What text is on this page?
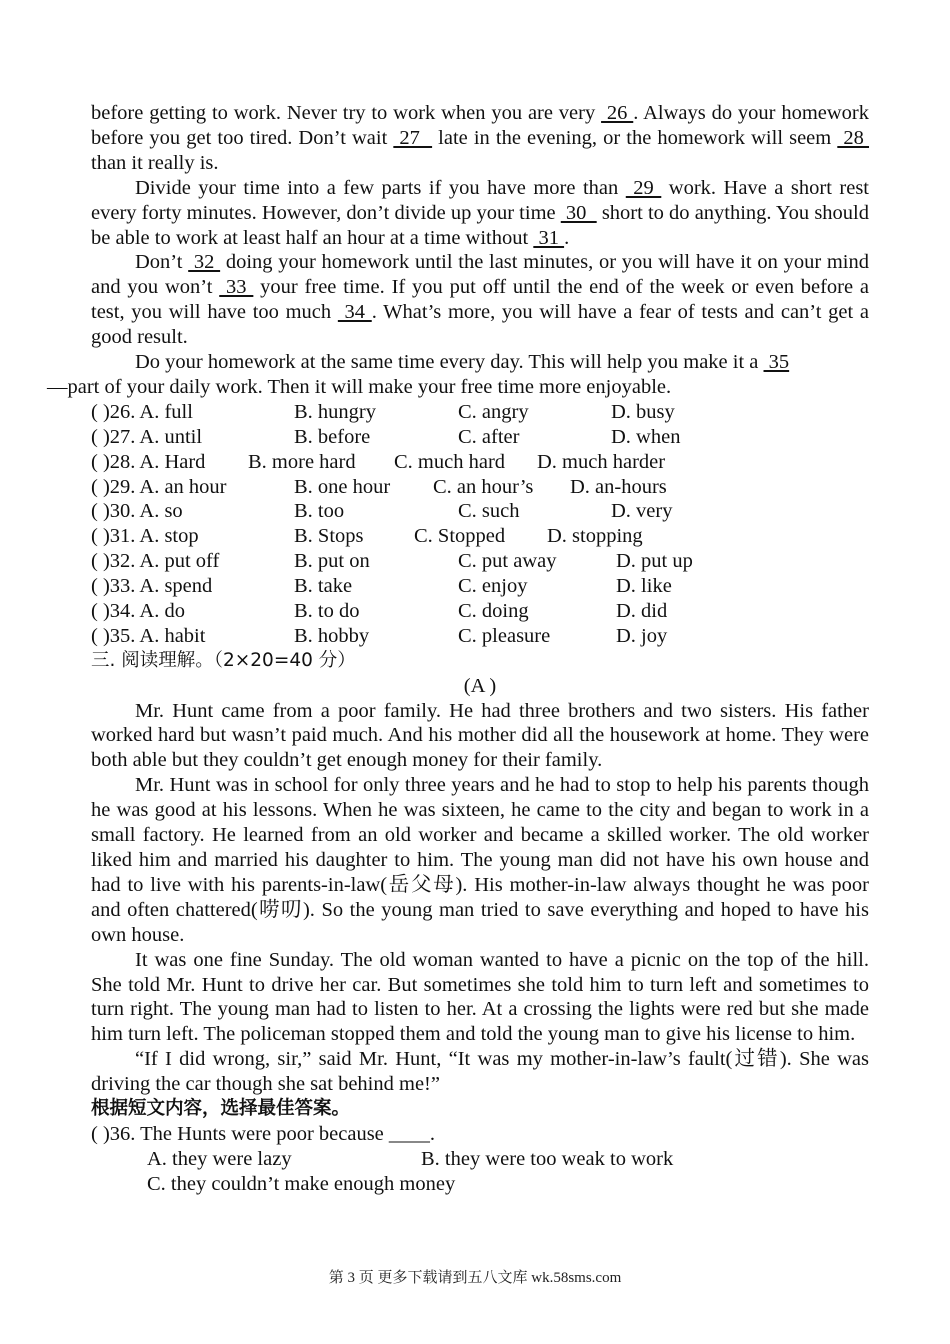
before getting to work. Never try to work when you are very  26 . Always do your homework before you get too tired. Don’t wait  27   late in the evening, or the homework will seem  28  than it really is.

Divide your time into a few parts if you have more than  29  work. Have a short rest every forty minutes. However, don’t divide up your time  30   short to do anything. You should be able to work at least half an hour at a time without  31 .

Don’t  32  doing your homework until the last minutes, or you will have it on your mind and you won’t  33  your free time. If you put off until the end of the week or even before a test, you will have too much  34 . What’s more, you will have a fear of tests and can’t get a good result.

Do your homework at the same time every day. This will help you make it a  35
—part of your daily work. Then it will make your free time more enjoyable.

( )26. A. full	B. hungry	C. angry	D. busy
( )27. A. until	B. before	C. after	D. when
( )28. A. Hard	B. more hard	C. much hard	D. much harder
( )29. A. an hour	B. one hour	C. an hour’s	D. an-hours
( )30. A. so	B. too	C. such	D. very
( )31. A. stop	B. Stops	C. Stopped	D. stopping
( )32. A. put off	B. put on	C. put away	D. put up
( )33. A. spend	B. take	C. enjoy	D. like
( )34. A. do	B. to do	C. doing	D. did
( )35. A. habit	B. hobby	C. pleasure	D. joy
三. 阅读理解。（2×20=40 分）
(A )

Mr. Hunt came from a poor family. He had three brothers and two sisters. His father worked hard but wasn’t paid much. And his mother did all the housework at home. They were both able but they couldn’t get enough money for their family.

Mr. Hunt was in school for only three years and he had to stop to help his parents though he was good at his lessons. When he was sixteen, he came to the city and began to work in a small factory. He learned from an old worker and became a skilled worker. The old worker liked him and married his daughter to him. The young man did not have his own house and had to live with his parents-in-law(岳父母). His mother-in-law always thought he was poor and often chattered(唠叨). So the young man tried to save everything and hoped to have his own house.

It was one fine Sunday. The old woman wanted to have a picnic on the top of the hill. She told Mr. Hunt to drive her car. But sometimes she told him to turn left and sometimes to turn right. The young man had to listen to her. At a crossing the lights were red but she made him turn left. The policeman stopped them and told the young man to give his license to him.

“If I did wrong, sir,” said Mr. Hunt, “It was my mother-in-law’s fault(过错). She was driving the car though she sat behind me!”

根据短文内容，选择最佳答案。
( )36. The Hunts were poor because ____.
A. they were lazy	B. they were too weak to work
C. they couldn’t make enough money
第 3 页 更多下载请到五八文库 wk.58sms.com
